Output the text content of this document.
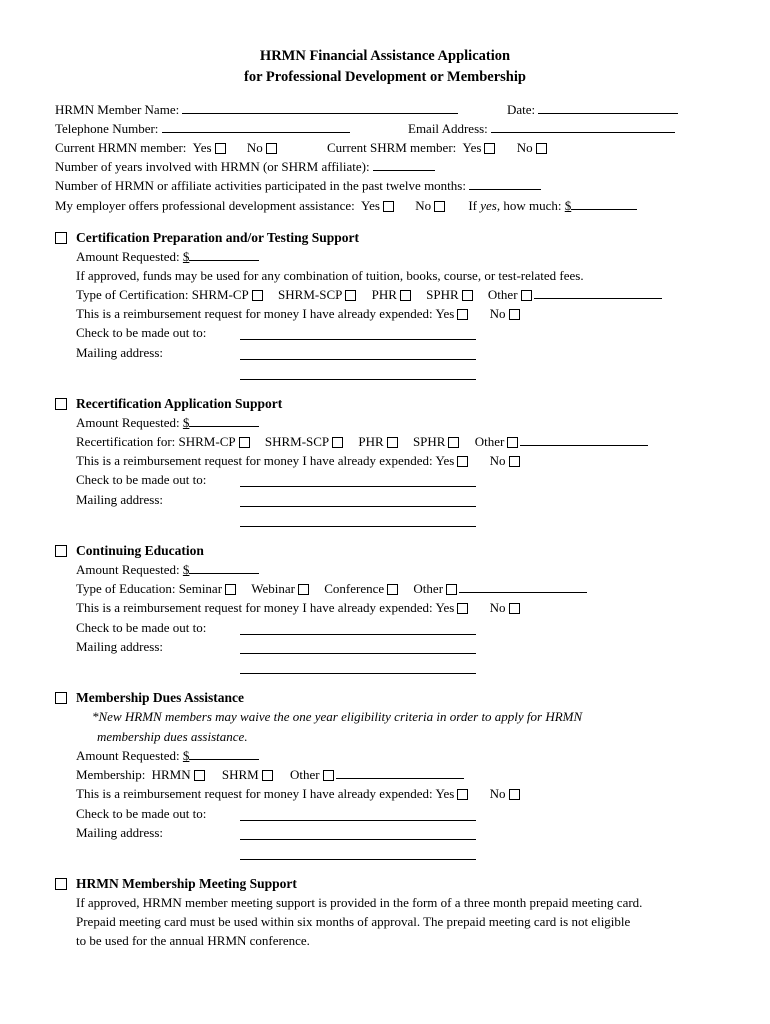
HRMN Financial Assistance Application
for Professional Development or Membership
HRMN Member Name:	Date:
Telephone Number:	Email Address:
Current HRMN member: Yes	No	Current SHRM member: Yes	No
Number of years involved with HRMN (or SHRM affiliate):
Number of HRMN or affiliate activities participated in the past twelve months:
My employer offers professional development assistance: Yes	No	If yes, how much: $
Certification Preparation and/or Testing Support
Amount Requested: $
If approved, funds may be used for any combination of tuition, books, course, or test-related fees.
Type of Certification: SHRM-CP SHRM-SCP PHR SPHR Other
This is a reimbursement request for money I have already expended: Yes	No
Check to be made out to:
Mailing address:
Recertification Application Support
Amount Requested: $
Recertification for: SHRM-CP SHRM-SCP PHR SPHR Other
This is a reimbursement request for money I have already expended: Yes	No
Check to be made out to:
Mailing address:
Continuing Education
Amount Requested: $
Type of Education: Seminar Webinar Conference Other
This is a reimbursement request for money I have already expended: Yes	No
Check to be made out to:
Mailing address:
Membership Dues Assistance
*New HRMN members may waive the one year eligibility criteria in order to apply for HRMN
membership dues assistance.
Amount Requested: $
Membership: HRMN SHRM Other
This is a reimbursement request for money I have already expended: Yes	No
Check to be made out to:
Mailing address:
HRMN Membership Meeting Support
If approved, HRMN member meeting support is provided in the form of a three month prepaid meeting card.
Prepaid meeting card must be used within six months of approval. The prepaid meeting card is not eligible
to be used for the annual HRMN conference.
